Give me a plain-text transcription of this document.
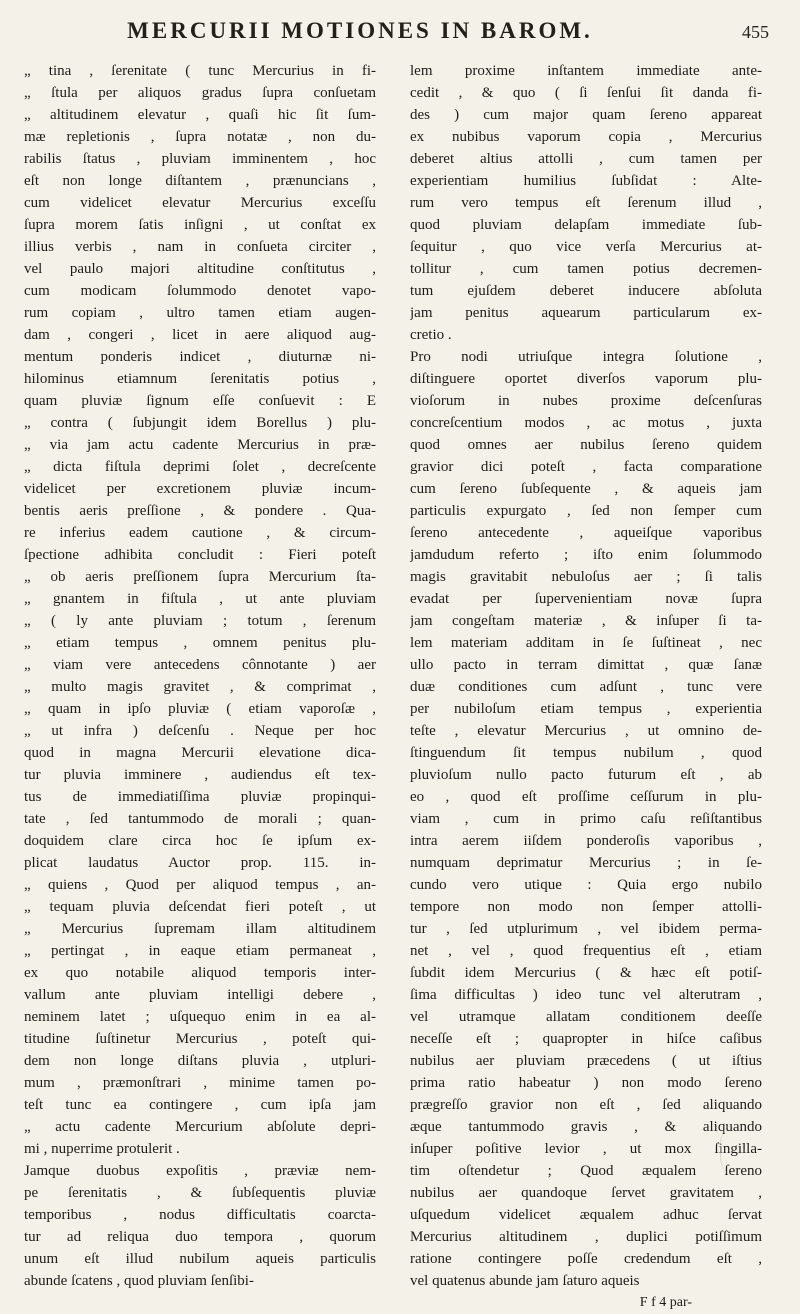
MERCURII MOTIONES IN BAROM.	455
„ tina , ſerenitate ( tunc Mercurius in fi-
„ ſtula per aliquos gradus ſupra conſuetam
„ altitudinem elevatur , quaſi hic ſit ſum-
mæ repletionis , ſupra notatæ , non du-
rabilis ſtatus , pluviam imminentem , hoc
eſt non longe diſtantem , prænuncians ,
cum videlicet elevatur Mercurius exceſſu
ſupra morem ſatis inſigni , ut conſtat ex
illius verbis , nam in conſueta circiter ,
vel paulo majori altitudine conſtitutus ,
cum modicam ſolummodo denotet vapo-
rum copiam , ultro tamen etiam augen-
dam , congeri , licet in aere aliquod aug-
mentum ponderis indicet , diuturnæ ni-
hilominus etiamnum ſerenitatis potius ,
quam pluviæ ſignum eſſe conſuevit : E
„ contra ( ſubjungit idem Borellus ) plu-
„ via jam actu cadente Mercurius in præ-
„ dicta fiſtula deprimi ſolet , decreſcente
videlicet per excretionem pluviæ incum-
bentis aeris preſſione , & pondere . Qua-
re inferius eadem cautione , & circum-
ſpectione adhibita concludit : Fieri poteſt
„ ob aeris preſſionem ſupra Mercurium ſta-
„ gnantem in fiſtula , ut ante pluviam
„ ( ly ante pluviam ; totum , ſerenum
„ etiam tempus , omnem penitus plu-
„ viam vere antecedens cônnotante ) aer
„ multo magis gravitet , & comprimat ,
„ quam in ipſo pluviæ ( etiam vaporoſæ ,
„ ut infra ) deſcenſu . Neque per hoc
quod in magna Mercurii elevatione dica-
tur pluvia imminere , audiendus eſt tex-
tus de immediatiſſima pluviæ propinqui-
tate , ſed tantummodo de morali ; quan-
doquidem clare circa hoc ſe ipſum ex-
plicat laudatus Auctor prop. 115. in-
„ quiens , Quod per aliquod tempus , an-
„ tequam pluvia deſcendat fieri poteſt , ut
„ Mercurius ſupremam illam altitudinem
„ pertingat , in eaque etiam permaneat ,
ex quo notabile aliquod temporis inter-
vallum ante pluviam intelligi debere ,
neminem latet ; uſquequo enim in ea al-
titudine ſuſtinetur Mercurius , poteſt qui-
dem non longe diſtans pluvia , utpluri-
mum , præmonſtrari , minime tamen po-
teſt tunc ea contingere , cum ipſa jam
„ actu cadente Mercurium abſolute depri-
mi , nuperrime protulerit .
Jamque duobus expoſitis , præviæ nem-
pe ſerenitatis , & ſubſequentis pluviæ
temporibus , nodus difficultatis coarcta-
tur ad reliqua duo tempora , quorum
unum eſt illud nubilum aqueis particulis
abunde ſcatens , quod pluviam ſenſibi-
lem proxime inſtantem immediate ante-
cedit , & quo ( ſi ſenſui ſit danda fi-
des ) cum major quam ſereno appareat
ex nubibus vaporum copia , Mercurius
deberet altius attolli , cum tamen per
experientiam humilius ſubſidat : Alte-
rum vero tempus eſt ſerenum illud ,
quod pluviam delapſam immediate ſub-
ſequitur , quo vice verſa Mercurius at-
tollitur , cum tamen potius decremen-
tum ejuſdem deberet inducere abſoluta
jam penitus aquearum particularum ex-
cretio .
Pro nodi utriuſque integra ſolutione ,
diſtinguere oportet diverſos vaporum plu-
vioſorum in nubes proxime deſcenſuras
concreſcentium modos , ac motus , juxta
quod omnes aer nubilus ſereno quidem
gravior dici poteſt , facta comparatione
cum ſereno ſubſequente , & aqueis jam
particulis expurgato , ſed non ſemper cum
ſereno antecedente , aqueiſque vaporibus
jamdudum referto ; iſto enim ſolummodo
magis gravitabit nebuloſus aer ; ſi talis
evadat per ſupervenientiam novæ ſupra
jam congeſtam materiæ , & inſuper ſi ta-
lem materiam additam in ſe ſuſtineat , nec
ullo pacto in terram dimittat , quæ ſanæ
duæ conditiones cum adſunt , tunc vere
per nubiloſum etiam tempus , experientia
teſte , elevatur Mercurius , ut omnino de-
ſtinguendum ſit tempus nubilum , quod
pluvioſum nullo pacto futurum eſt , ab
eo , quod eſt proſſime ceſſurum in plu-
viam , cum in primo caſu reſiſtantibus
intra aerem iiſdem ponderoſis vaporibus ,
numquam deprimatur Mercurius ; in ſe-
cundo vero utique : Quia ergo nubilo
tempore non modo non ſemper attolli-
tur , ſed utplurimum , vel ibidem perma-
net , vel , quod frequentius eſt , etiam
ſubdit idem Mercurius ( & hæc eſt potiſ-
ſima difficultas ) ideo tunc vel alterutram ,
vel utramque allatam conditionem deeſſe
neceſſe eſt ; quapropter in hiſce caſibus
nubilus aer pluviam præcedens ( ut iſtius
prima ratio habeatur ) non modo ſereno
prægreſſo gravior non eſt , ſed aliquando
æque tantummodo gravis , & aliquando
inſuper poſitive levior , ut mox ſingilla-
tim oſtendetur ; Quod æqualem ſereno
nubilus aer quandoque ſervet gravitatem ,
uſquedum videlicet æqualem adhuc ſervat
Mercurius altitudinem , duplici potiſſimum
ratione contingere poſſe credendum eſt ,
vel quatenus abunde jam ſaturo aqueis
F f 4 par-
